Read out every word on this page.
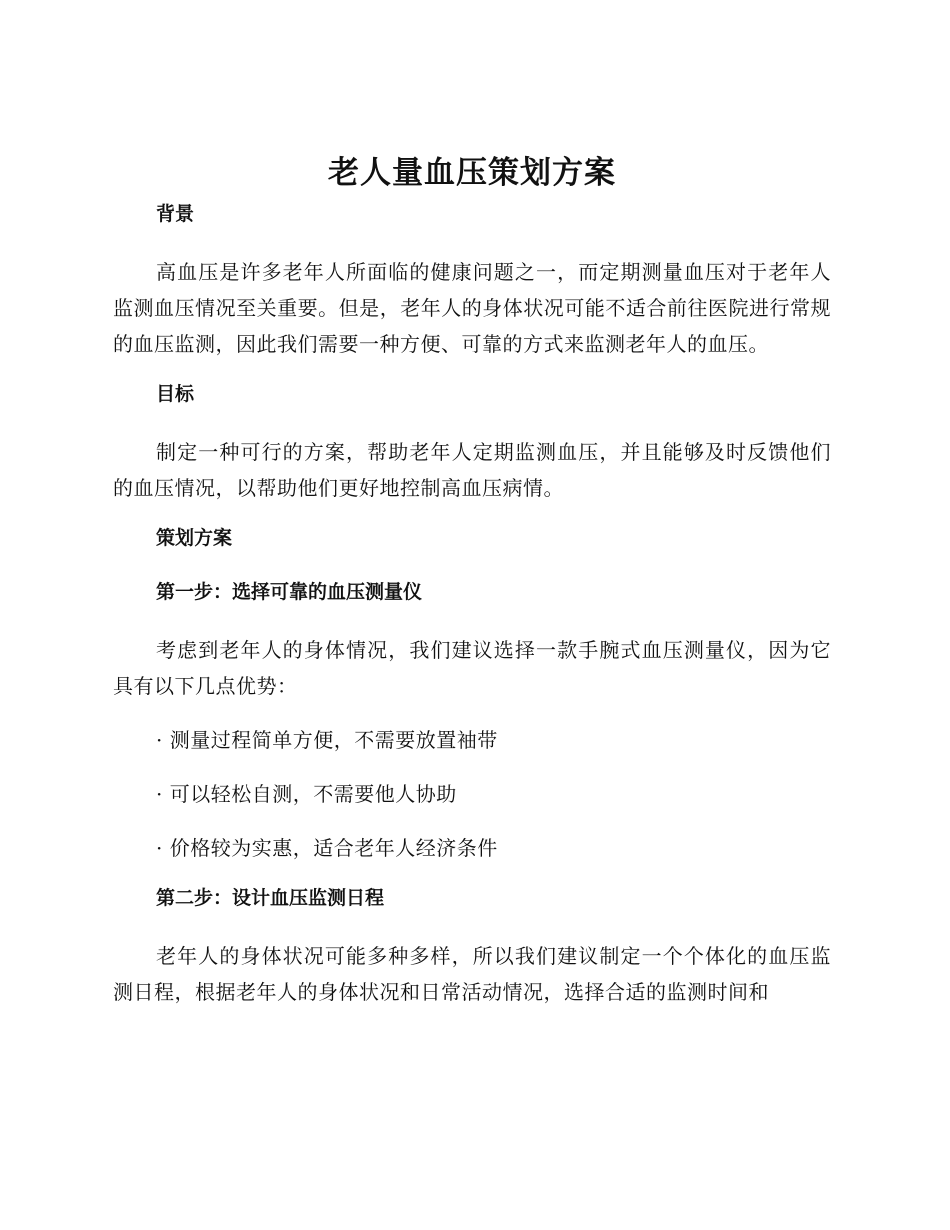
老人量血压策划方案
背景

高血压是许多老年人所面临的健康问题之一，而定期测量血压对于老年人监测血压情况至关重要。但是，老年人的身体状况可能不适合前往医院进行常规的血压监测，因此我们需要一种方便、可靠的方式来监测老年人的血压。

目标

制定一种可行的方案，帮助老年人定期监测血压，并且能够及时反馈他们的血压情况，以帮助他们更好地控制高血压病情。

策划方案
第一步：选择可靠的血压测量仪

考虑到老年人的身体情况，我们建议选择一款手腕式血压测量仪，因为它具有以下几点优势：

· 测量过程简单方便，不需要放置袖带
· 可以轻松自测，不需要他人协助
· 价格较为实惠，适合老年人经济条件
第二步：设计血压监测日程

老年人的身体状况可能多种多样，所以我们建议制定一个个体化的血压监测日程，根据老年人的身体状况和日常活动情况，选择合适的监测时间和
